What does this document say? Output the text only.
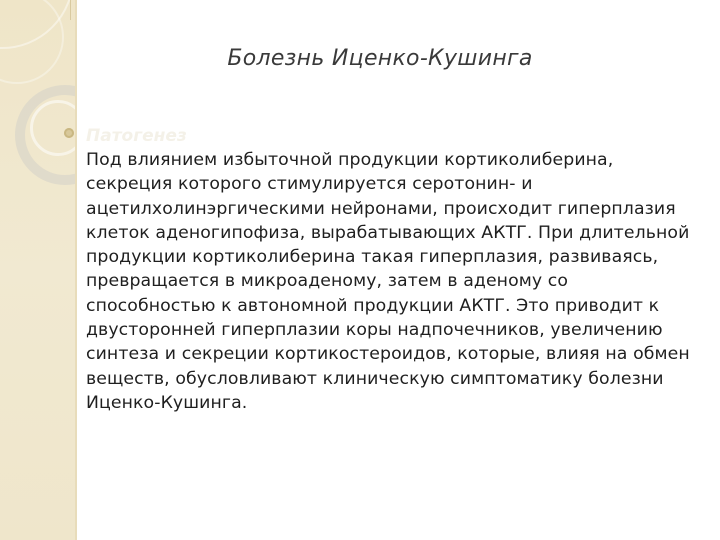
Болезнь Иценко-Кушинга
Патогенез

Под влиянием избыточной продукции кортиколиберина, секреция которого стимулируется серотонин- и ацетилхолинэргическими нейронами, происходит гиперплазия клеток аденогипофиза, вырабатывающих АКТГ. При длительной продукции кортиколиберина такая гиперплазия, развиваясь, превращается в микроаденому, затем в аденому со способностью к автономной продукции АКТГ. Это приводит к двусторонней гиперплазии коры надпочечников, увеличению синтеза и секреции кортикостероидов, которые, влияя на обмен веществ, обусловливают клиническую симптоматику болезни Иценко-Кушинга.
